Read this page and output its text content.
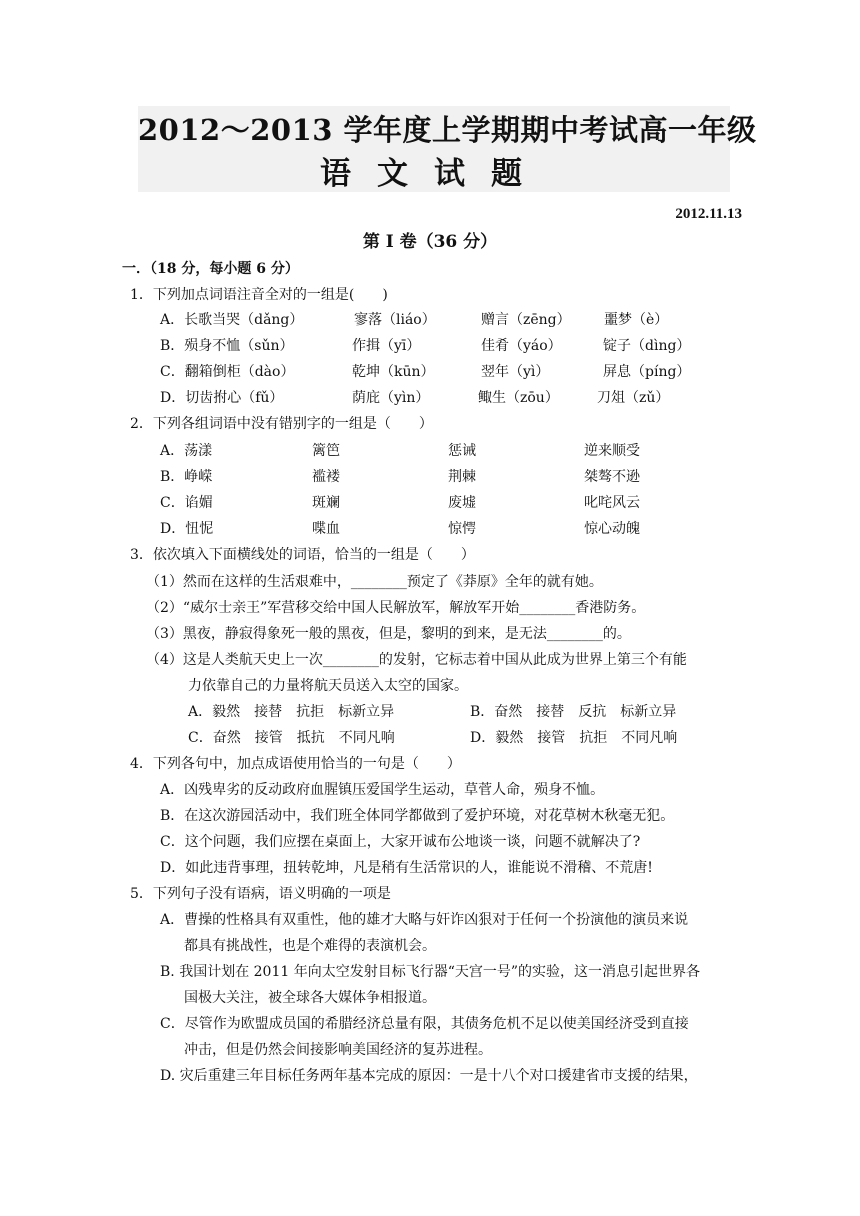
2012～2013 学年度上学期期中考试高一年级
语文试题
2012.11.13
第 Ⅰ 卷（36 分）
一．（18 分，每小题 6 分）
1．下列加点词语注音全对的一组是(　　)
A．长歌当哭（dǎng）	寥落（liáo）	赠言（zēng） 噩梦（è）
B．殒身不恤（sǔn）	作揖（yī）	佳肴（yáo）	锭子（dìng）
C．翻箱倒柜（dào）	乾坤（kūn）	翌年（yì）	屏息（píng）
D．切齿拊心（fǔ）	荫庇（yìn）	鲰生（zōu）	刀俎（zǔ）
2．下列各组词语中没有错别字的一组是（　　）
A．荡漾	篱笆	惩诫	逆来顺受
B．峥嵘	褴褛	荆棘	桀骜不逊
C．谄媚	斑斓	废墟	叱咤风云
D．忸怩	喋血	惊愕	惊心动魄
3．依次填入下面横线处的词语，恰当的一组是（　　）
（1）然而在这样的生活艰难中，________预定了《莽原》全年的就有她。
（2）“威尔士亲王”军营移交给中国人民解放军，解放军开始________香港防务。
（3）黑夜，静寂得象死一般的黑夜，但是，黎明的到来，是无法________的。
（4）这是人类航天史上一次________的发射，它标志着中国从此成为世界上第三个有能
力依靠自己的力量将航天员送入太空的国家。
A．毅然　接替　抗拒　标新立异	B．奋然　接替　反抗　标新立异
C．奋然　接管　抵抗　不同凡响	D．毅然　接管　抗拒　不同凡响
4．下列各句中，加点成语使用恰当的一句是（　　）
A．凶残卑劣的反动政府血腥镇压爱国学生运动，草菅人命，殒身不恤。
B．在这次游园活动中，我们班全体同学都做到了爱护环境，对花草树木秋毫无犯。
C．这个问题，我们应摆在桌面上，大家开诚布公地谈一谈，问题不就解决了?
D．如此违背事理，扭转乾坤，凡是稍有生活常识的人，谁能说不滑稽、不荒唐!
5．下列句子没有语病，语义明确的一项是
A．曹操的性格具有双重性，他的雄才大略与奸诈凶狠对于任何一个扮演他的演员来说
都具有挑战性，也是个难得的表演机会。
B. 我国计划在 2011 年向太空发射目标飞行器“天宫一号”的实验，这一消息引起世界各
国极大关注，被全球各大媒体争相报道。
C．尽管作为欧盟成员国的希腊经济总量有限，其债务危机不足以使美国经济受到直接
冲击，但是仍然会间接影响美国经济的复苏进程。
D. 灾后重建三年目标任务两年基本完成的原因：一是十八个对口援建省市支援的结果，
